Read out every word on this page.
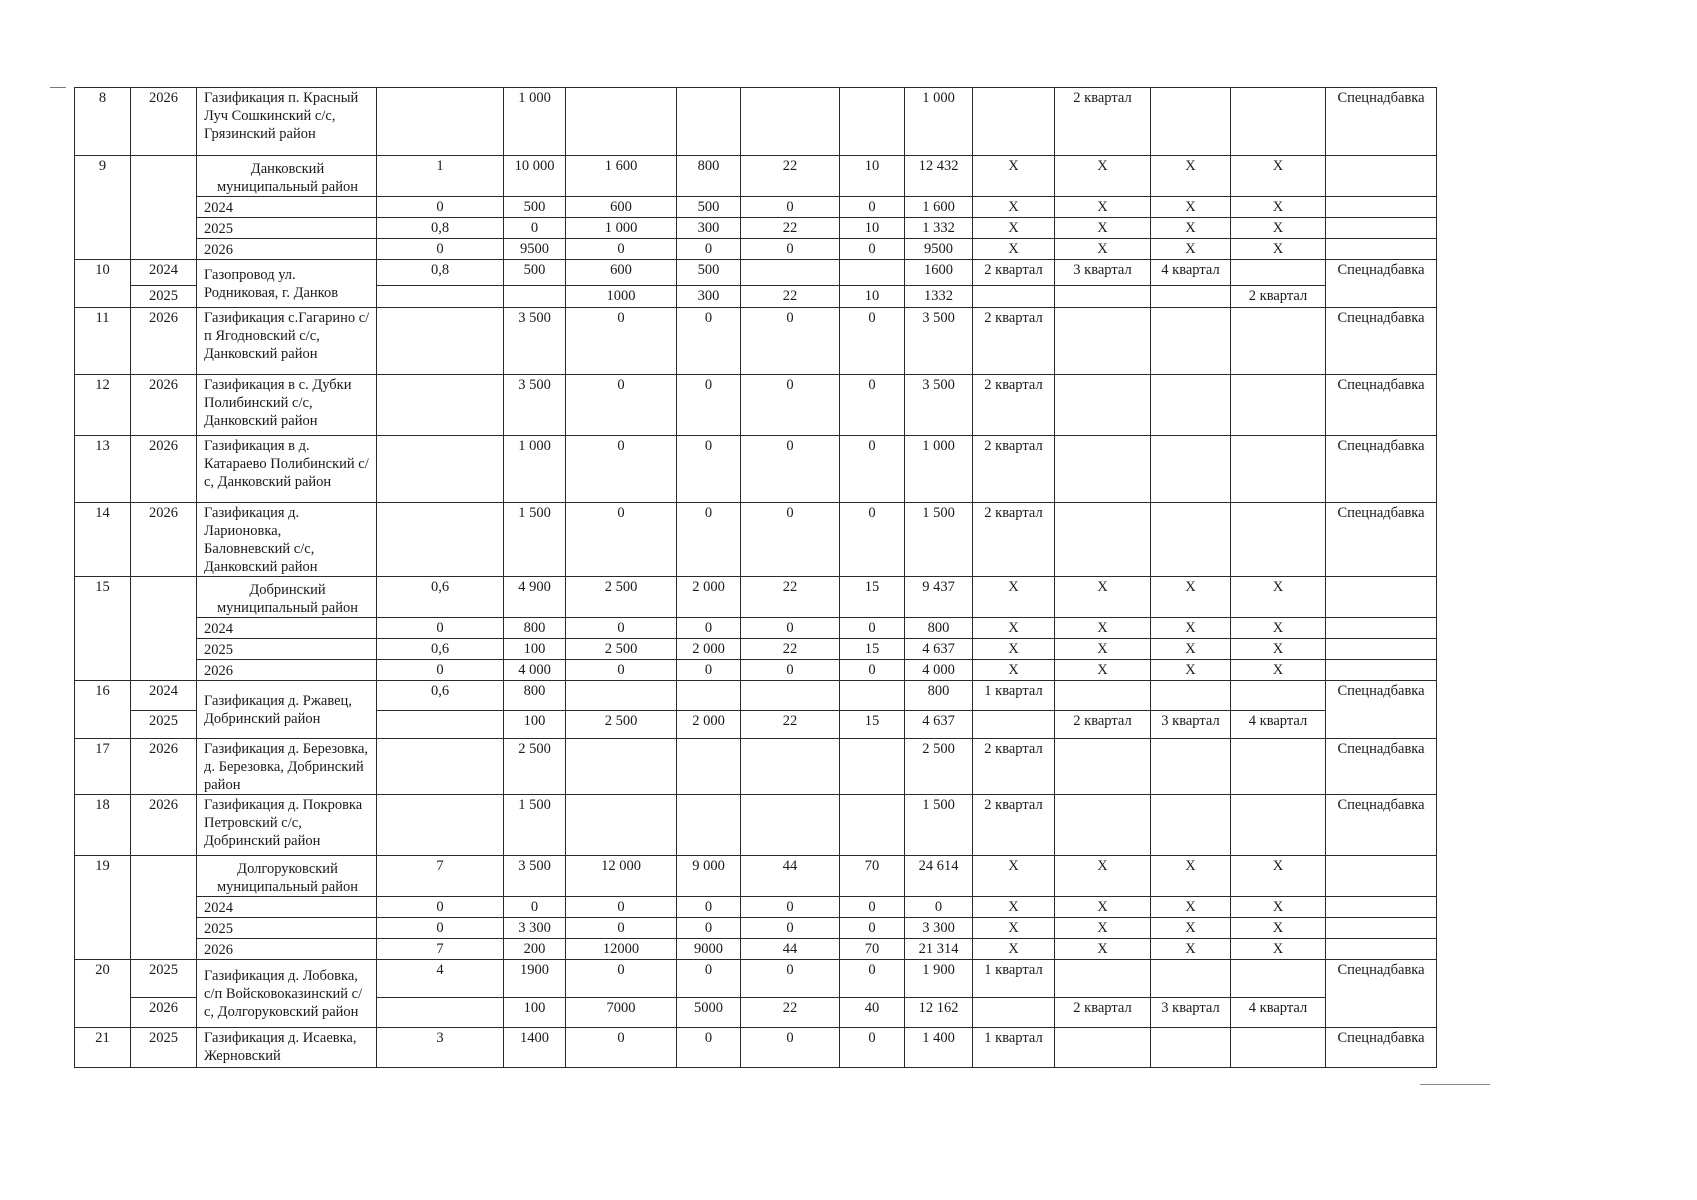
8	2026	Газификация п. Красный Луч Сошкинский с/с, Грязинский район		1 000					1 000		2 квартал			Спецнадбавка
9		Данковский муниципальный район	1	10 000	1 600	800	22	10	12 432	X	X	X	X	
		2024	0	500	600	500	0	0	1 600	X	X	X	X	
		2025	0,8	0	1 000	300	22	10	1 332	X	X	X	X	
		2026	0	9500	0	0	0	0	9500	X	X	X	X	
10	2024	Газопровод ул. Родниковая, г. Данков	0,8	500	600	500			1600	2 квартал	3 квартал	4 квартал		Спецнадбавка
	2025				1000	300	22	10	1332				2 квартал	
11	2026	Газификация с.Гагарино с/п Ягодновский с/с, Данковский район		3 500	0	0	0	0	3 500	2 квартал				Спецнадбавка
12	2026	Газификация в с. Дубки Полибинский с/с, Данковский район		3 500	0	0	0	0	3 500	2 квартал				Спецнадбавка
13	2026	Газификация в д. Катараево Полибинский с/с, Данковский район		1 000	0	0	0	0	1 000	2 квартал				Спецнадбавка
14	2026	Газификация д. Ларионовка, Баловневский с/с, Данковский район		1 500	0	0	0	0	1 500	2 квартал				Спецнадбавка
15		Добринский муниципальный район	0,6	4 900	2 500	2 000	22	15	9 437	X	X	X	X	
		2024	0	800	0	0	0	0	800	X	X	X	X	
		2025	0,6	100	2 500	2 000	22	15	4 637	X	X	X	X	
		2026	0	4 000	0	0	0	0	4 000	X	X	X	X	
16	2024	Газификация д. Ржавец, Добринский район	0,6	800					800	1 квартал				Спецнадбавка
	2025			100	2 500	2 000	22	15	4 637		2 квартал	3 квартал	4 квартал	
17	2026	Газификация д. Березовка, д. Березовка, Добринский район		2 500					2 500	2 квартал				Спецнадбавка
18	2026	Газификация д. Покровка Петровский с/с, Добринский район		1 500					1 500	2 квартал				Спецнадбавка
19		Долгоруковский муниципальный район	7	3 500	12 000	9 000	44	70	24 614	X	X	X	X	
		2024	0	0	0	0	0	0	0	X	X	X	X	
		2025	0	3 300	0	0	0	0	3 300	X	X	X	X	
		2026	7	200	12000	9000	44	70	21 314	X	X	X	X	
20	2025	Газификация д. Лобовка, с/п Войсковоказинский с/с, Долгоруковский район	4	1900	0	0	0	0	1 900	1 квартал				Спецнадбавка
	2026			100	7000	5000	22	40	12 162		2 квартал	3 квартал	4 квартал	
21	2025	Газификация д. Исаевка, Жерновский	3	1400	0	0	0	0	1 400	1 квартал				Спецнадбавка
